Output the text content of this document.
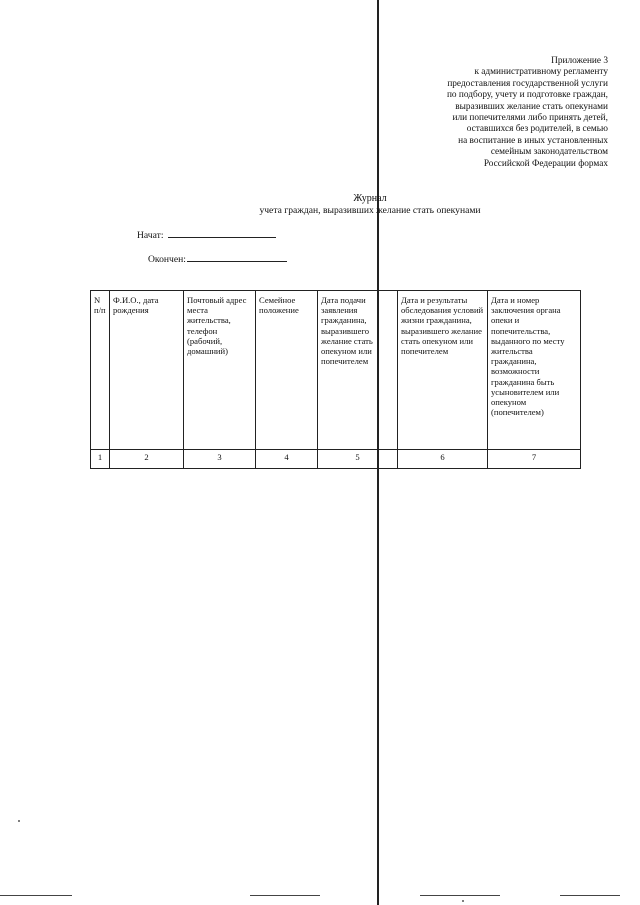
Приложение 3
к административному регламенту
предоставления государственной услуги
по подбору, учету и подготовке граждан,
выразивших желание стать опекунами
или попечителями либо принять детей,
оставшихся без родителей, в семью
на воспитание в иных установленных
семейным законодательством
Российской Федерации формах
Журнал
учета граждан, выразивших желание стать опекунами
Начат:
Окончен:
N п/п	Ф.И.О., дата рождения	Почтовый адрес места жительства, телефон (рабочий, домашний)	Семейное положение	Дата подачи заявления гражданина, выразившего желание стать опекуном или попечителем	Дата и результаты обследования условий жизни гражданина, выразившего желание стать опекуном или попечителем	Дата и номер заключения органа опеки и попечительства, выданного по месту жительства гражданина, возможности гражданина быть усыновителем или опекуном (попечителем)
1	2	3	4	5	6	7
